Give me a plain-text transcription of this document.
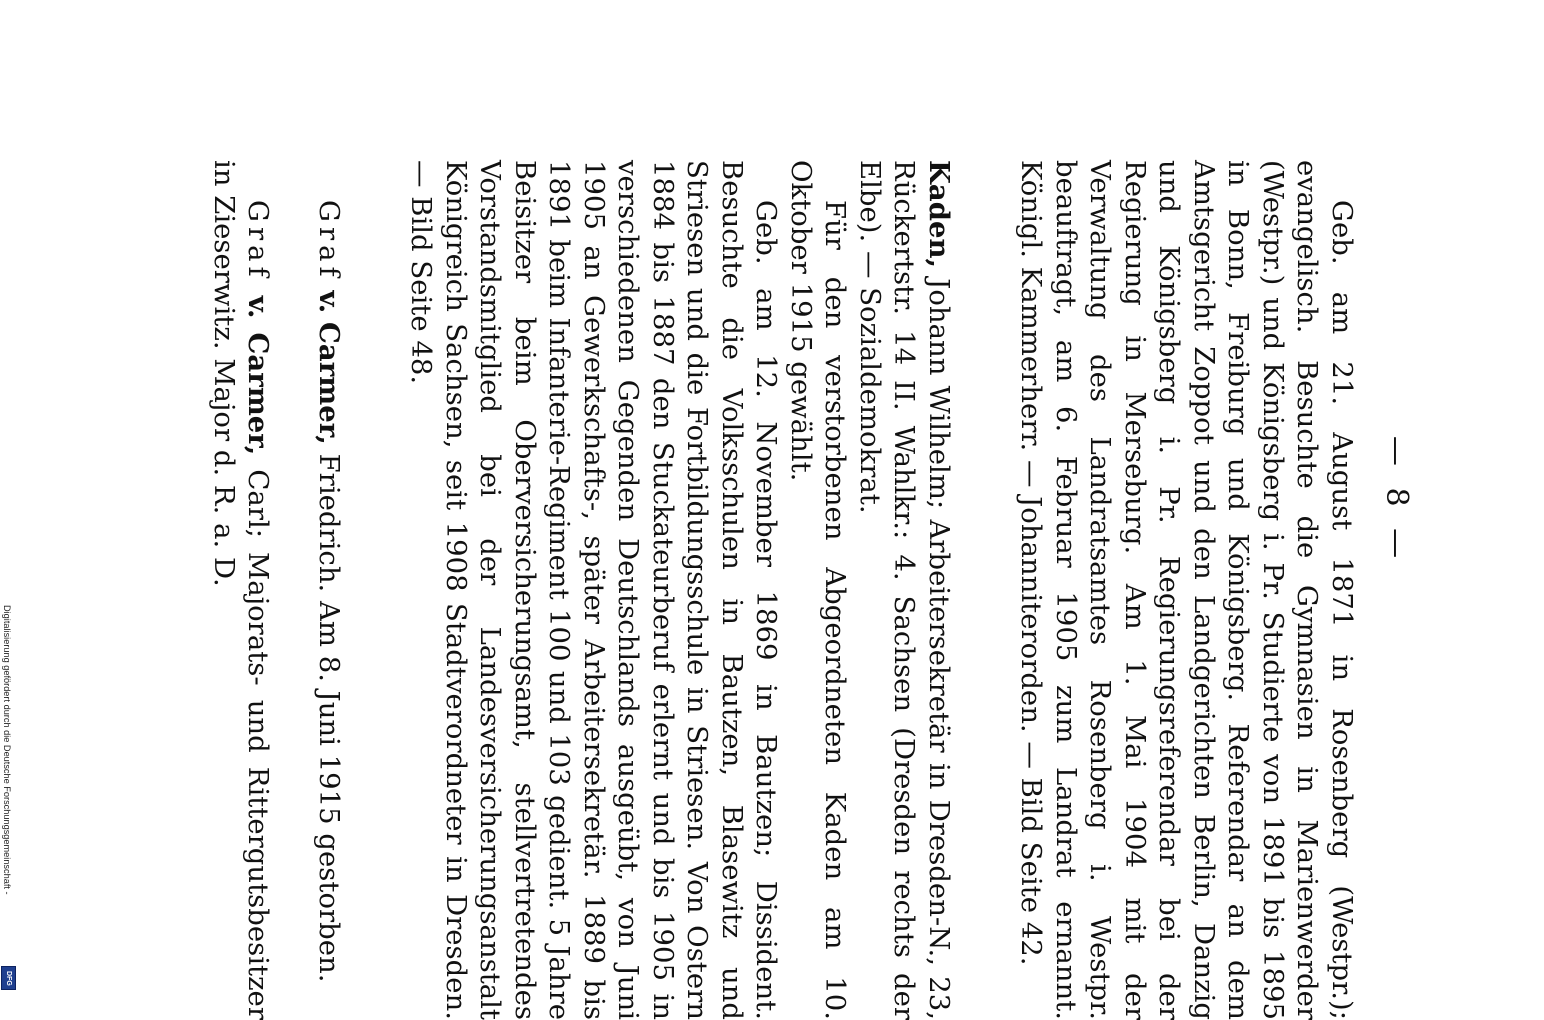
— 8 —

Geb. am 21. August 1871 in Rosenberg (Westpr.); evangelisch. Besuchte die Gymnasien in Marienwerder (Westpr.) und Königsberg i. Pr. Studierte von 1891 bis 1895 in Bonn, Freiburg und Königsberg. Referendar an dem Amtsgericht Zoppot und den Landgerichten Berlin, Danzig und Königsberg i. Pr. Regierungsreferendar bei der Regierung in Merseburg. Am 1. Mai 1904 mit der Verwaltung des Landratsamtes Rosenberg i. Westpr. beauftragt, am 6. Februar 1905 zum Landrat ernannt. Königl. Kammerherr. — Johanniterorden. — Bild Seite 42.

Kaden, Johann Wilhelm; Arbeitersekretär in Dresden-N., 23, Rückertstr. 14 II. Wahlkr.: 4. Sachsen (Dresden rechts der Elbe). — Sozialdemokrat.

Für den verstorbenen Abgeordneten Kaden am 10. Oktober 1915 gewählt.

Geb. am 12. November 1869 in Bautzen; Dissident. Besuchte die Volksschulen in Bautzen, Blasewitz und Striesen und die Fortbildungsschule in Striesen. Von Ostern 1884 bis 1887 den Stuckateurberuf erlernt und bis 1905 in verschiedenen Gegenden Deutschlands ausgeübt, von Juni 1905 an Gewerkschafts-, später Arbeitersekretär. 1889 bis 1891 beim Infanterie-Regiment 100 und 103 gedient. 5 Jahre Beisitzer beim Oberversicherungsamt, stellvertretendes Vorstandsmitglied bei der Landesversicherungsanstalt Königreich Sachsen, seit 1908 Stadtverordneter in Dresden. — Bild Seite 48.

Graf v. Carmer, Friedrich. Am 8. Juni 1915 gestorben.

Graf v. Carmer, Carl; Majorats- und Rittergutsbesitzer in Zieserwitz. Major d. R. a. D.

Digitalisierung gefördert durch die Deutsche Forschungsgemeinschaft -
DFG
